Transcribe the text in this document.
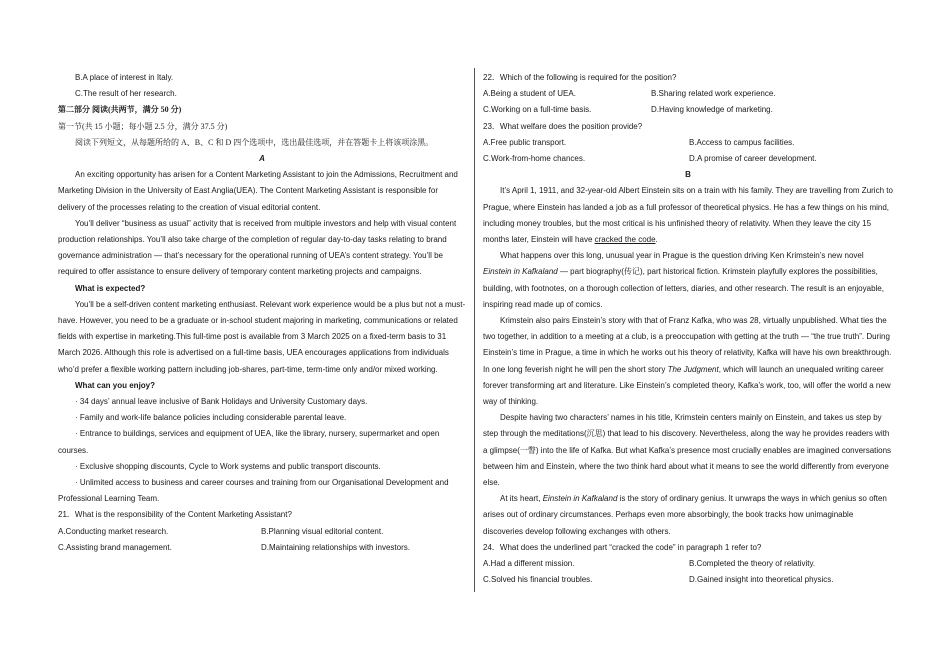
B.A place of interest in Italy.

C.The result of her research.

第二部分 阅读(共两节，满分 50 分)

第一节(共 15 小题；每小题 2.5 分，满分 37.5 分)

阅读下列短文，从每题所给的 A、B、C 和 D 四个选项中，选出最佳选项，并在答题卡上将该项涂黑。

A

An exciting opportunity has arisen for a Content Marketing Assistant to join the Admissions, Recruitment and Marketing Division in the University of East Anglia(UEA). The Content Marketing Assistant is responsible for delivery of the processes relating to the creation of visual editorial content.

You’ll deliver “business as usual” activity that is received from multiple investors and help with visual content production relationships. You’ll also take charge of the completion of regular day-to-day tasks relating to brand governance administration — that’s necessary for the operational running of UEA’s content strategy. You’ll be required to offer assistance to ensure delivery of temporary content marketing projects and campaigns.

What is expected?

You’ll be a self-driven content marketing enthusiast. Relevant work experience would be a plus but not a must-have. However, you need to be a graduate or in-school student majoring in marketing, communications or related fields with expertise in marketing.This full-time post is available from 3 March 2025 on a fixed-term basis to 31 March 2026. Although this role is advertised on a full-time basis, UEA encourages applications from individuals who’d prefer a flexible working pattern including job-shares, part-time, term-time only and/or mixed working.

What can you enjoy?

· 34 days’ annual leave inclusive of Bank Holidays and University Customary days.

· Family and work-life balance policies including considerable parental leave.

· Entrance to buildings, services and equipment of UEA, like the library, nursery, supermarket and open courses.

· Exclusive shopping discounts, Cycle to Work systems and public transport discounts.

· Unlimited access to business and career courses and training from our Organisational Development and Professional Learning Team.

21．What is the responsibility of the Content Marketing Assistant?

A.Conducting market research.	B.Planning visual editorial content.
C.Assisting brand management.	D.Maintaining relationships with investors.

22．Which of the following is required for the position?

A.Being a student of UEA.	B.Sharing related work experience.
C.Working on a full-time basis.	D.Having knowledge of marketing.

23．What welfare does the position provide?

A.Free public transport.	B.Access to campus facilities.
C.Work-from-home chances.	D.A promise of career development.

B

It’s April 1, 1911, and 32-year-old Albert Einstein sits on a train with his family. They are travelling from Zurich to Prague, where Einstein has landed a job as a full professor of theoretical physics. He has a few things on his mind, including money troubles, but the most critical is his unfinished theory of relativity. When they leave the city 15 months later, Einstein will have cracked the code.

What happens over this long, unusual year in Prague is the question driving Ken Krimstein’s new novel Einstein in Kafkaland — part biography(传记), part historical fiction. Krimstein playfully explores the possibilities, building, with footnotes, on a thorough collection of letters, diaries, and other research. The result is an enjoyable, inspiring read made up of comics.

Krimstein also pairs Einstein’s story with that of Franz Kafka, who was 28, virtually unpublished. What ties the two together, in addition to a meeting at a club, is a preoccupation with getting at the truth — “the true truth”. During Einstein’s time in Prague, a time in which he works out his theory of relativity, Kafka will have his own breakthrough. In one long feverish night he will pen the short story The Judgment, which will launch an unequaled writing career forever transforming art and literature. Like Einstein’s completed theory, Kafka’s work, too, will offer the world a new way of thinking.

Despite having two characters’ names in his title, Krimstein centers mainly on Einstein, and takes us step by step through the meditations(沉思) that lead to his discovery. Nevertheless, along the way he provides readers with a glimpse(一瞥) into the life of Kafka. But what Kafka’s presence most crucially enables are imagined conversations between him and Einstein, where the two think hard about what it means to see the world differently from everyone else.

At its heart, Einstein in Kafkaland is the story of ordinary genius. It unwraps the ways in which genius so often arises out of ordinary circumstances. Perhaps even more absorbingly, the book tracks how unimaginable discoveries develop following exchanges with others.

24．What does the underlined part “cracked the code” in paragraph 1 refer to?

A.Had a different mission.	B.Completed the theory of relativity.
C.Solved his financial troubles.	D.Gained insight into theoretical physics.
